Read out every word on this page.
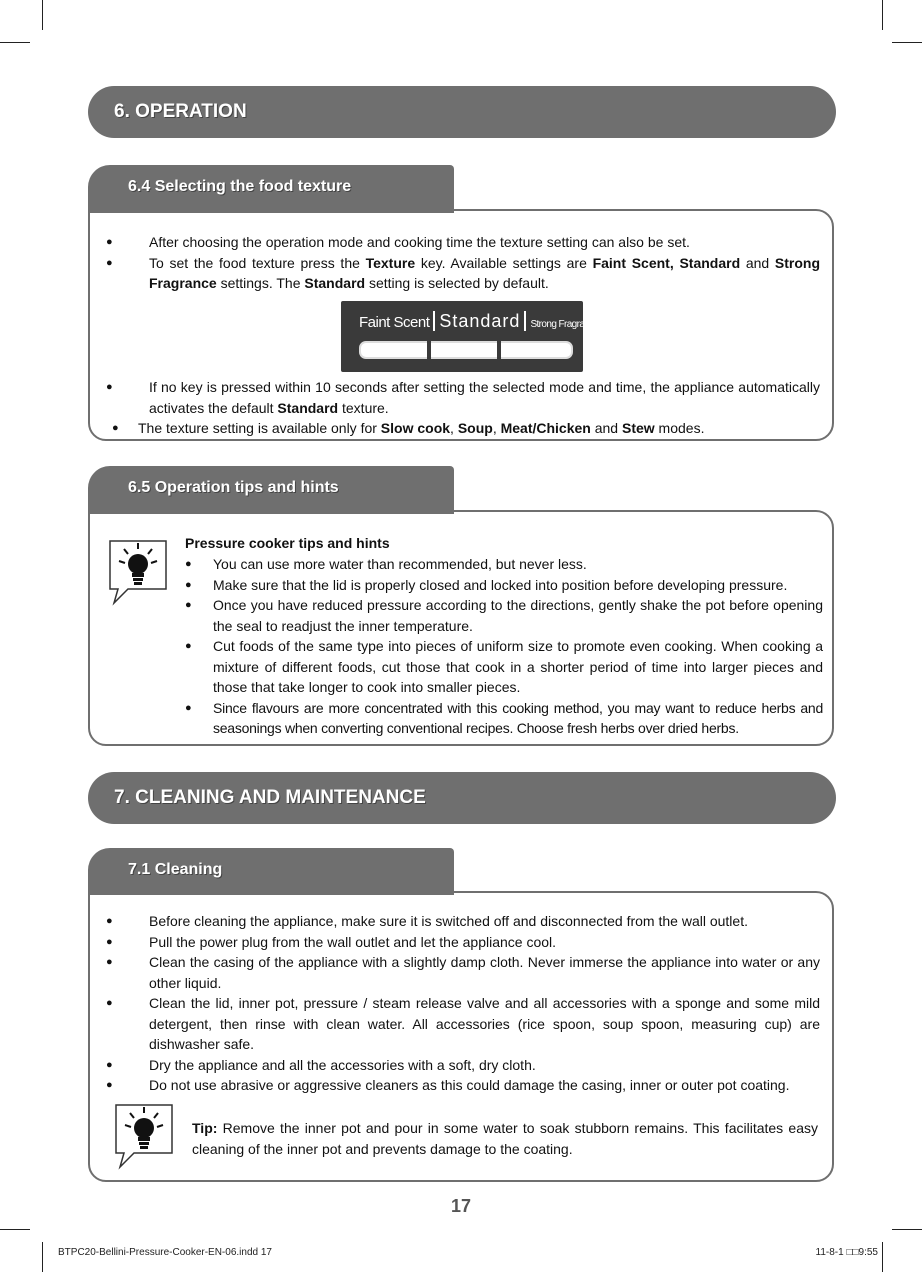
6. OPERATION
6.4 Selecting the food texture
● After choosing the operation mode and cooking time the texture setting can also be set.
● To set the food texture press the Texture key. Available settings are Faint Scent, Standard and Strong Fragrance settings. The Standard setting is selected by default.
● If no key is pressed within 10 seconds after setting the selected mode and time, the appliance automatically activates the default Standard texture.
● The texture setting is available only for Slow cook, Soup, Meat/Chicken and Stew modes.
Faint Scent Standard Strong Fragrance
6.5 Operation tips and hints
Pressure cooker tips and hints
● You can use more water than recommended, but never less.
● Make sure that the lid is properly closed and locked into position before developing pressure.
● Once you have reduced pressure according to the directions, gently shake the pot before opening the seal to readjust the inner temperature.
● Cut foods of the same type into pieces of uniform size to promote even cooking. When cooking a mixture of different foods, cut those that cook in a shorter period of time into larger pieces and those that take longer to cook into smaller pieces.
● Since flavours are more concentrated with this cooking method, you may want to reduce herbs and seasonings when converting conventional recipes. Choose fresh herbs over dried herbs.
7. CLEANING AND MAINTENANCE
7.1 Cleaning
● Before cleaning the appliance, make sure it is switched off and disconnected from the wall outlet.
● Pull the power plug from the wall outlet and let the appliance cool.
● Clean the casing of the appliance with a slightly damp cloth. Never immerse the appliance into water or any other liquid.
● Clean the lid, inner pot, pressure / steam release valve and all accessories with a sponge and some mild detergent, then rinse with clean water. All accessories (rice spoon, soup spoon, measuring cup) are dishwasher safe.
● Dry the appliance and all the accessories with a soft, dry cloth.
● Do not use abrasive or aggressive cleaners as this could damage the casing, inner or outer pot coating.
Tip: Remove the inner pot and pour in some water to soak stubborn remains. This facilitates easy cleaning of the inner pot and prevents damage to the coating.
17
BTPC20-Bellini-Pressure-Cooker-EN-06.indd 17	11-8-1 □□9:55
